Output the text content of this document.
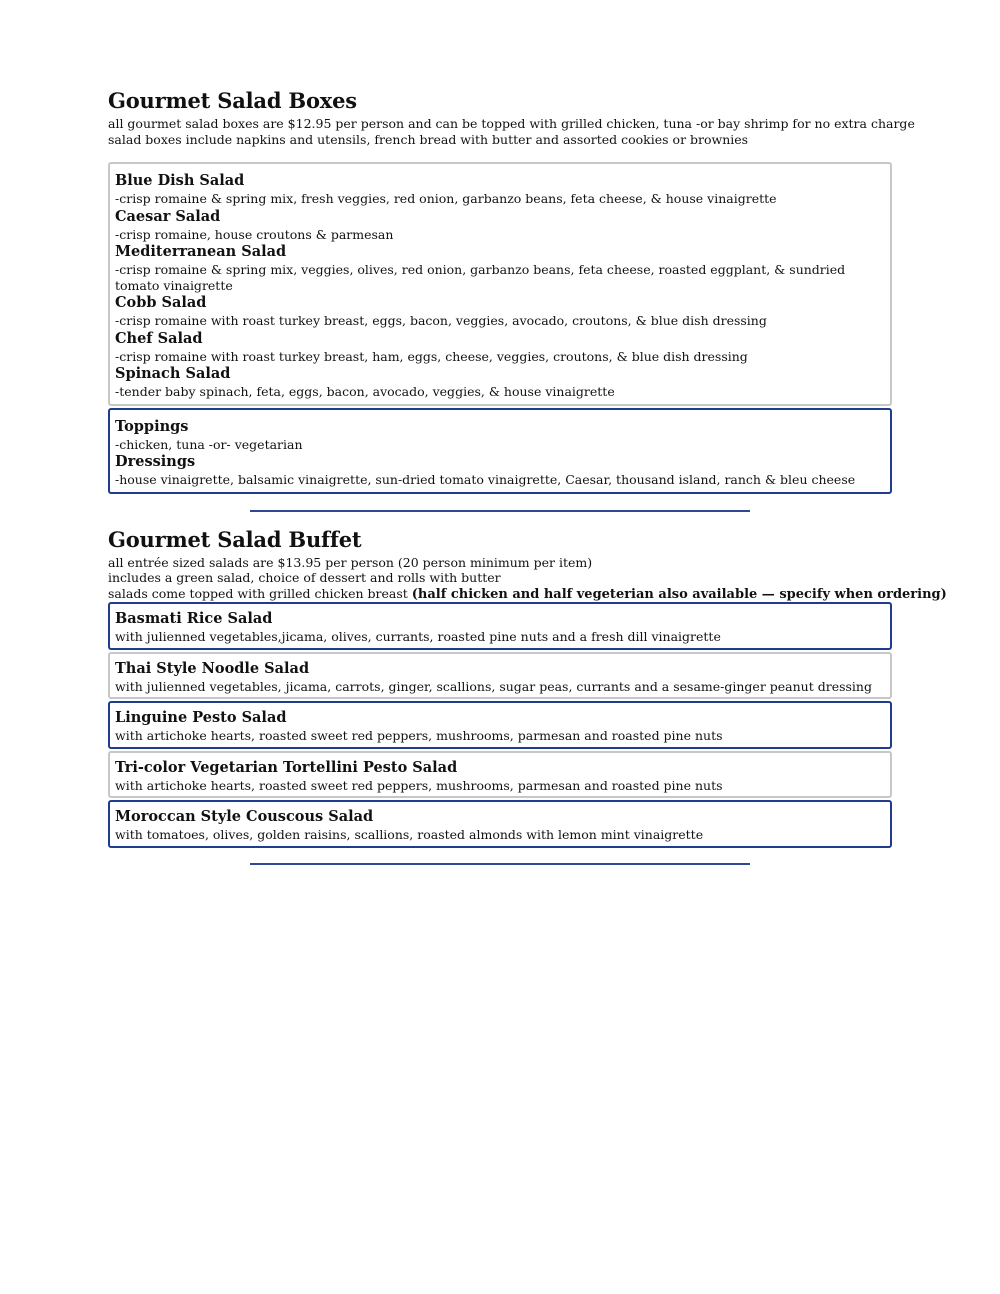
Gourmet Salad Boxes
all gourmet salad boxes are $12.95 per person and can be topped with grilled chicken, tuna -or bay shrimp for no extra charge
salad boxes include napkins and utensils, french bread with butter and assorted cookies or brownies
Blue Dish Salad
-crisp romaine & spring mix, fresh veggies, red onion, garbanzo beans, feta cheese, & house vinaigrette
Caesar Salad
-crisp romaine, house croutons & parmesan
Mediterranean Salad
-crisp romaine & spring mix, veggies, olives, red onion, garbanzo beans, feta cheese, roasted eggplant, & sundried tomato vinaigrette
Cobb Salad
-crisp romaine with roast turkey breast, eggs, bacon, veggies, avocado, croutons, & blue dish dressing
Chef Salad
-crisp romaine with roast turkey breast, ham, eggs, cheese, veggies, croutons, & blue dish dressing
Spinach Salad
-tender baby spinach, feta, eggs, bacon, avocado, veggies, & house vinaigrette
Toppings
-chicken, tuna -or- vegetarian
Dressings
-house vinaigrette, balsamic vinaigrette, sun-dried tomato vinaigrette, Caesar, thousand island, ranch & bleu cheese
Gourmet Salad Buffet
all entrée sized salads are $13.95 per person (20 person minimum per item)
includes a green salad, choice of dessert and rolls with butter
salads come topped with grilled chicken breast (half chicken and half vegeterian also available — specify when ordering)
Basmati Rice Salad
with julienned vegetables,jicama, olives, currants, roasted pine nuts and a fresh dill vinaigrette
Thai Style Noodle Salad
with julienned vegetables, jicama, carrots, ginger, scallions, sugar peas, currants and a sesame-ginger peanut dressing
Linguine Pesto Salad
with artichoke hearts, roasted sweet red peppers, mushrooms, parmesan and roasted pine nuts
Tri-color Vegetarian Tortellini Pesto Salad
with artichoke hearts, roasted sweet red peppers, mushrooms, parmesan and roasted pine nuts
Moroccan Style Couscous Salad
with tomatoes, olives, golden raisins, scallions, roasted almonds with lemon mint vinaigrette
